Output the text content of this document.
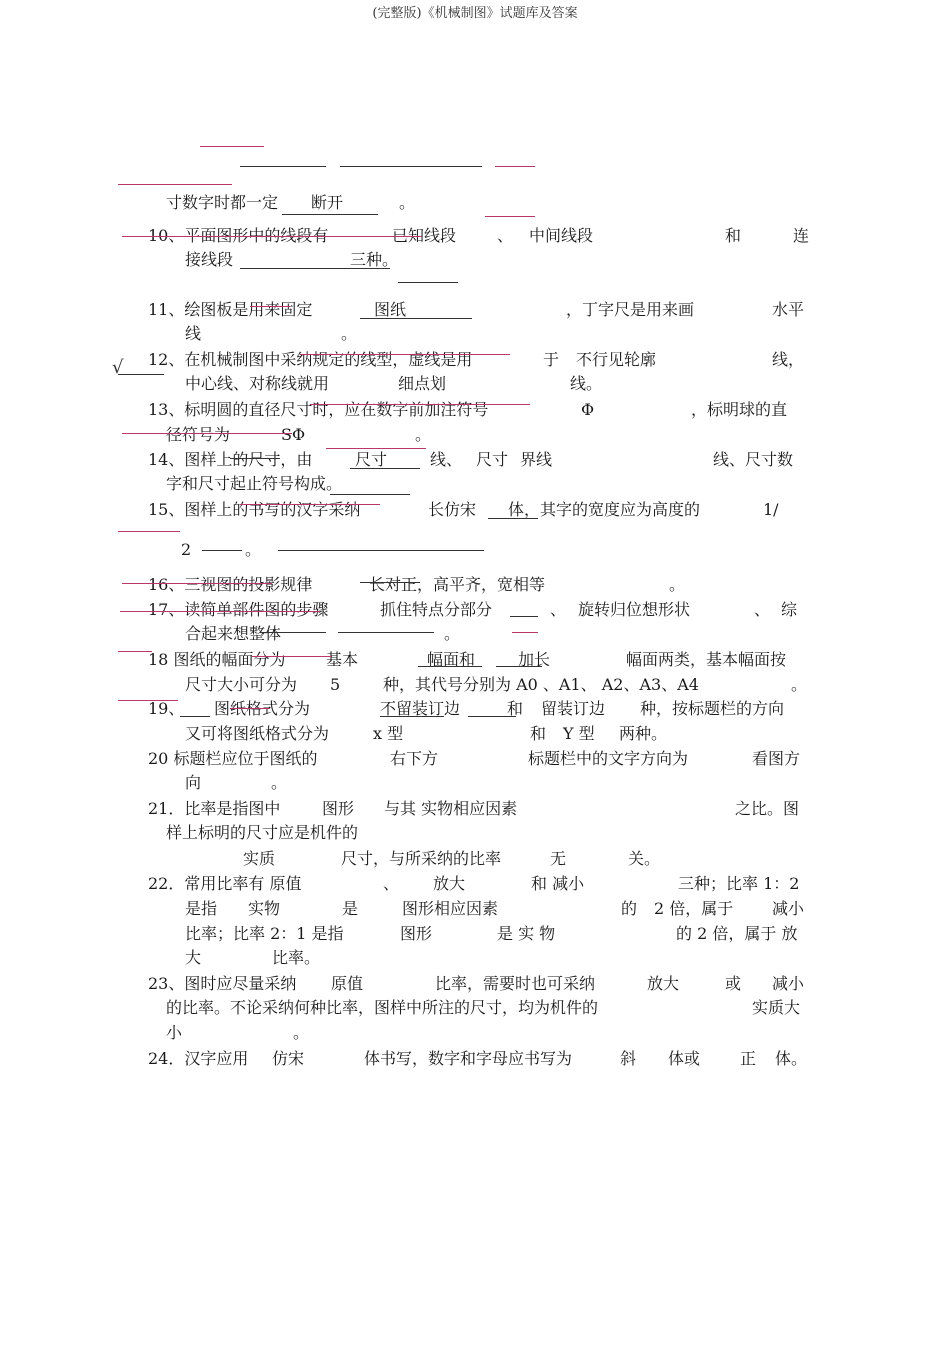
(完整版)《机械制图》试题库及答案
寸数字时都一定 断开	。
10、平面图形中的线段有	已知线段	、 中间线段	和	连
接线段	三种。
11、绘图板是用来固定	图纸	，丁字尺是用来画	水平
线	。
12、在机械制图中采纳规定的线型，虚线是用	于 不行见轮廓	线，
中心线、对称线就用	细点划	线。
13、标明圆的直径尺寸时，应在数字前加注符号	Φ	，标明球的直
径符号为	SΦ	。
14、图样上的尺寸，由	尺寸	线、 尺寸 界线	线、尺寸数
字和尺寸起止符号构成。
15、图样上的书写的汉字采纳	长仿宋 体，其字的宽度应为高度的	1/
2	。
16、三视图的投影规律	长对正，高平齐，宽相等	。
17、读简单部件图的步骤	抓住特点分部分	、 旋转归位想形状	、 综
合起来想整体	。
18 图纸的幅面分为	基本	幅面和	加长	幅面两类，基本幅面按
尺寸大小可分为 5	种，其代号分别为 A0 、A1、 A2、A3、A4	。
19、 图纸格式分为	不留装订边	和 留装订边 种，按标题栏的方向
又可将图纸格式分为	x 型	和 Y 型 两种。
20 标题栏应位于图纸的	右下方	标题栏中的文字方向为	看图方
向	。
21．比率是指图中	图形 与其 实物相应因素	之比。图
样上标明的尺寸应是机件的
实质	尺寸，与所采纳的比率	无	关。
22．常用比率有 原值	、 放大	和 减小	三种；比率 1：2
是指 实物	是	图形相应因素	的 2 倍，属于 减小
比率；比率 2：1 是指	图形	是 实 物	的 2 倍，属于 放
大	比率。
23、图时应尽量采纳 原值	比率，需要时也可采纳	放大	或 减小
的比率。不论采纳何种比率，图样中所注的尺寸，均为机件的	实质大
小	。
24．汉字应用 仿宋	体书写，数字和字母应书写为	斜 体或 正 体。
√
